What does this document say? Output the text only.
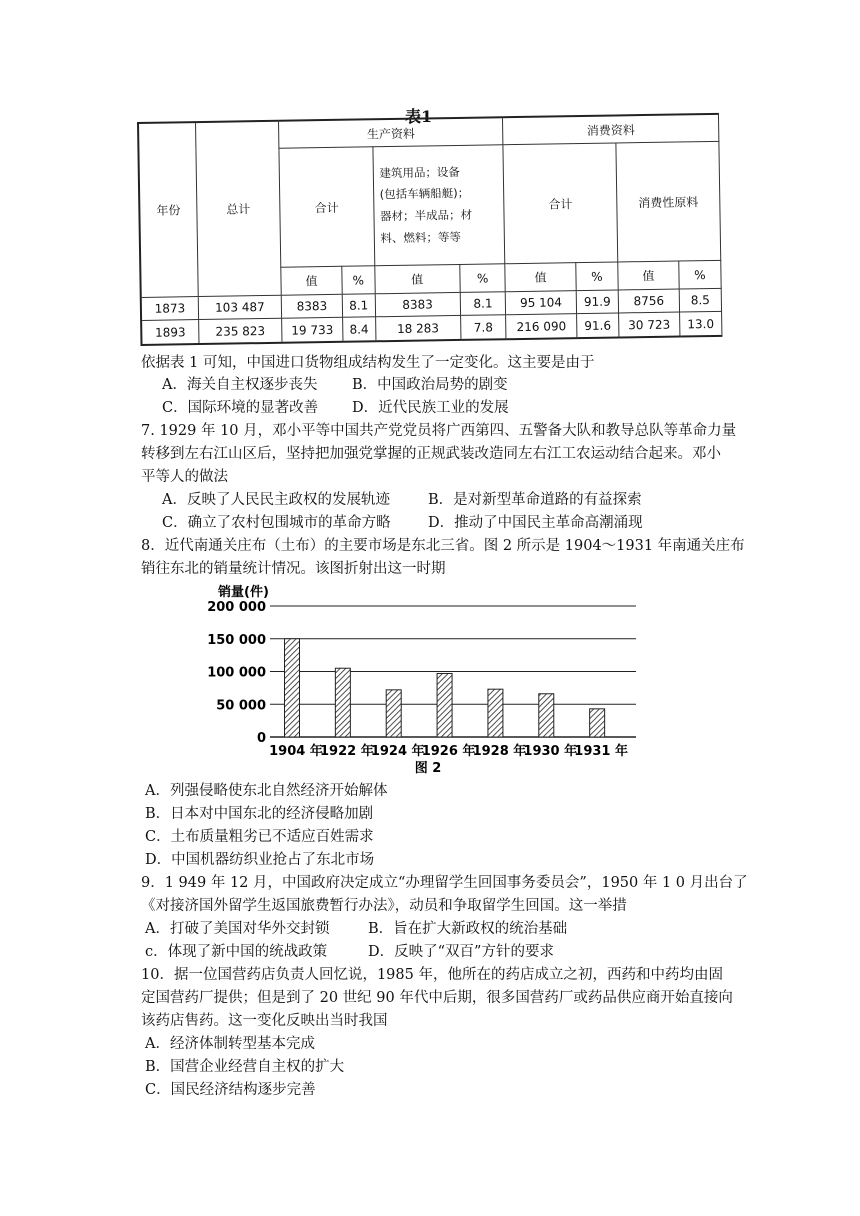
表1
年份	总计	生产资料				消费资料			
		合计		建筑用品；设备
(包括车辆船艇)；
器材；半成品；材
料、燃料；等等		合计		消费性原料	
		值	%	值	%	值	%	值	%
1873	103 487	8383	8.1	8383	8.1	95 104	91.9	8756	8.5
1893	235 823	19 733	8.4	18 283	7.8	216 090	91.6	30 723	13.0
依据表 1 可知，中国进口货物组成结构发生了一定变化。这主要是由于
A．海关自主权逐步丧失 B．中国政治局势的剧变
C．国际环境的显著改善 D．近代民族工业的发展
7. 1929 年 10 月，邓小平等中国共产党党员将广西第四、五警备大队和教导总队等革命力量
转移到左右江山区后，坚持把加强党掌握的正规武装改造同左右江工农运动结合起来。邓小
平等人的做法
A．反映了人民民主政权的发展轨迹	B．是对新型革命道路的有益探索
C．确立了农村包围城市的革命方略	D．推动了中国民主革命高潮涌现
8．近代南通关庄布（土布）的主要市场是东北三省。图 2 所示是 1904～1931 年南通关庄布
销往东北的销量统计情况。该图折射出这一时期
销量(件)
0
50 000
100 000
150 000
200 000
1904 年
1922 年
1924 年
1926 年
1928 年
1930 年
1931 年
图 2
A．列强侵略使东北自然经济开始解体
B．日本对中国东北的经济侵略加剧
C．土布质量粗劣已不适应百姓需求
D．中国机器纺织业抢占了东北市场
9．1 949 年 12 月，中国政府决定成立“办理留学生回国事务委员会”，1950 年 1 0 月出台了
《对接济国外留学生返国旅费暂行办法》，动员和争取留学生回国。这一举措
A．打破了美国对华外交封锁	B．旨在扩大新政权的统治基础
c．体现了新中国的统战政策	D．反映了“双百”方针的要求
10．据一位国营药店负责人回忆说，1985 年，他所在的药店成立之初，西药和中药均由固
定国营药厂提供；但是到了 20 世纪 90 年代中后期，很多国营药厂或药品供应商开始直接向
该药店售药。这一变化反映出当时我国
A．经济体制转型基本完成
B．国营企业经营自主权的扩大
C．国民经济结构逐步完善
